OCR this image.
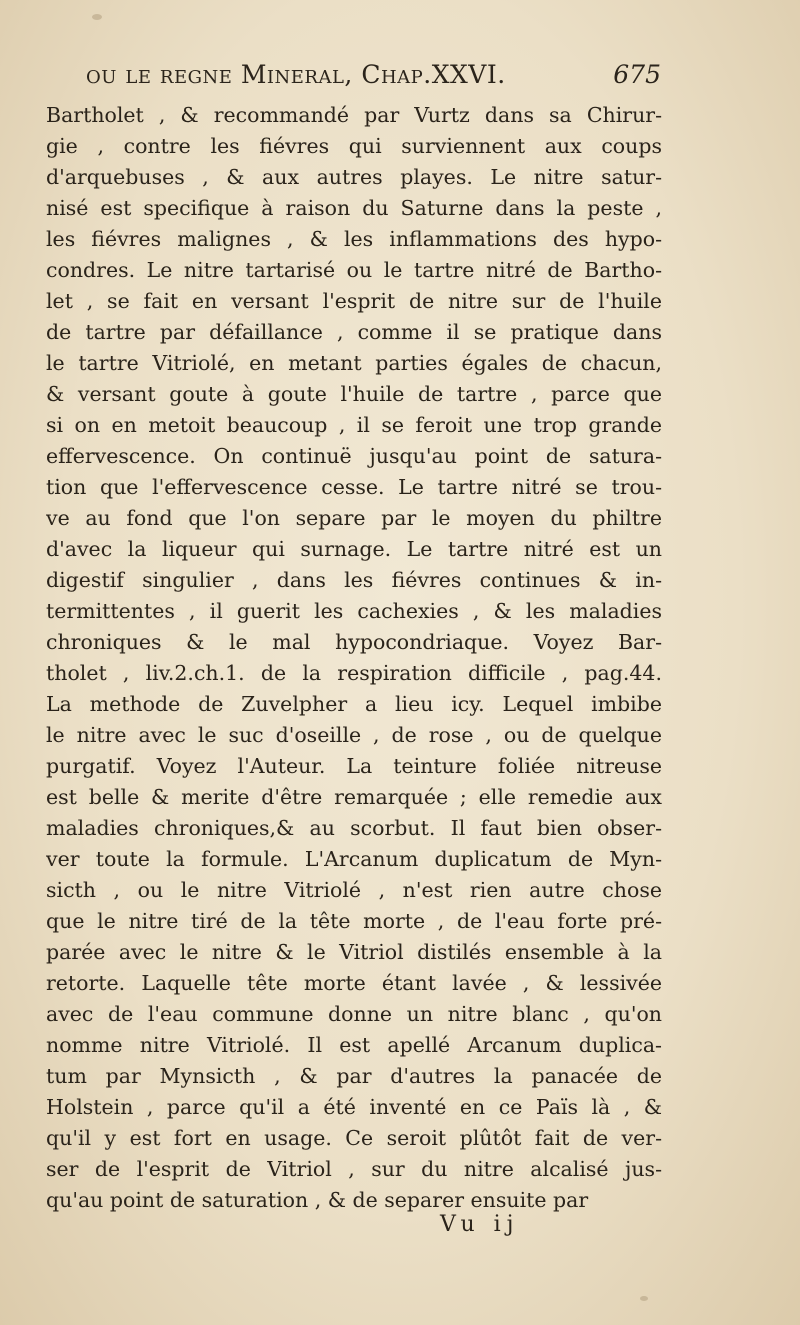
ou le regne Mineral, Chap.XXVI.	675
Bartholet , & recommandé par Vurtz dans sa Chirur-
gie , contre les fiévres qui surviennent aux coups
d'arquebuses , & aux autres playes. Le nitre satur-
nisé est specifique à raison du Saturne dans la peste ,
les fiévres malignes , & les inflammations des hypo-
condres. Le nitre tartarisé ou le tartre nitré de Bartho-
let , se fait en versant l'esprit de nitre sur de l'huile
de tartre par défaillance , comme il se pratique dans
le tartre Vitriolé, en metant parties égales de chacun,
& versant goute à goute l'huile de tartre , parce que
si on en metoit beaucoup , il se feroit une trop grande
effervescence. On continuë jusqu'au point de satura-
tion que l'effervescence cesse. Le tartre nitré se trou-
ve au fond que l'on separe par le moyen du philtre
d'avec la liqueur qui surnage. Le tartre nitré est un
digestif singulier , dans les fiévres continues & in-
termittentes , il guerit les cachexies , & les maladies
chroniques & le mal hypocondriaque. Voyez Bar-
tholet , liv.2.ch.1. de la respiration difficile , pag.44.
La methode de Zuvelpher a lieu icy. Lequel imbibe
le nitre avec le suc d'oseille , de rose , ou de quelque
purgatif. Voyez l'Auteur. La teinture foliée nitreuse
est belle & merite d'être remarquée ; elle remedie aux
maladies chroniques,& au scorbut. Il faut bien obser-
ver toute la formule. L'Arcanum duplicatum de Myn-
sicth , ou le nitre Vitriolé , n'est rien autre chose
que le nitre tiré de la tête morte , de l'eau forte pré-
parée avec le nitre & le Vitriol distilés ensemble à la
retorte. Laquelle tête morte étant lavée , & lessivée
avec de l'eau commune donne un nitre blanc , qu'on
nomme nitre Vitriolé. Il est apellé Arcanum duplica-
tum par Mynsicth , & par d'autres la panacée de
Holstein , parce qu'il a été inventé en ce Païs là , &
qu'il y est fort en usage. Ce seroit plûtôt fait de ver-
ser de l'esprit de Vitriol , sur du nitre alcalisé jus-
qu'au point de saturation , & de separer ensuite par
Vu ij
